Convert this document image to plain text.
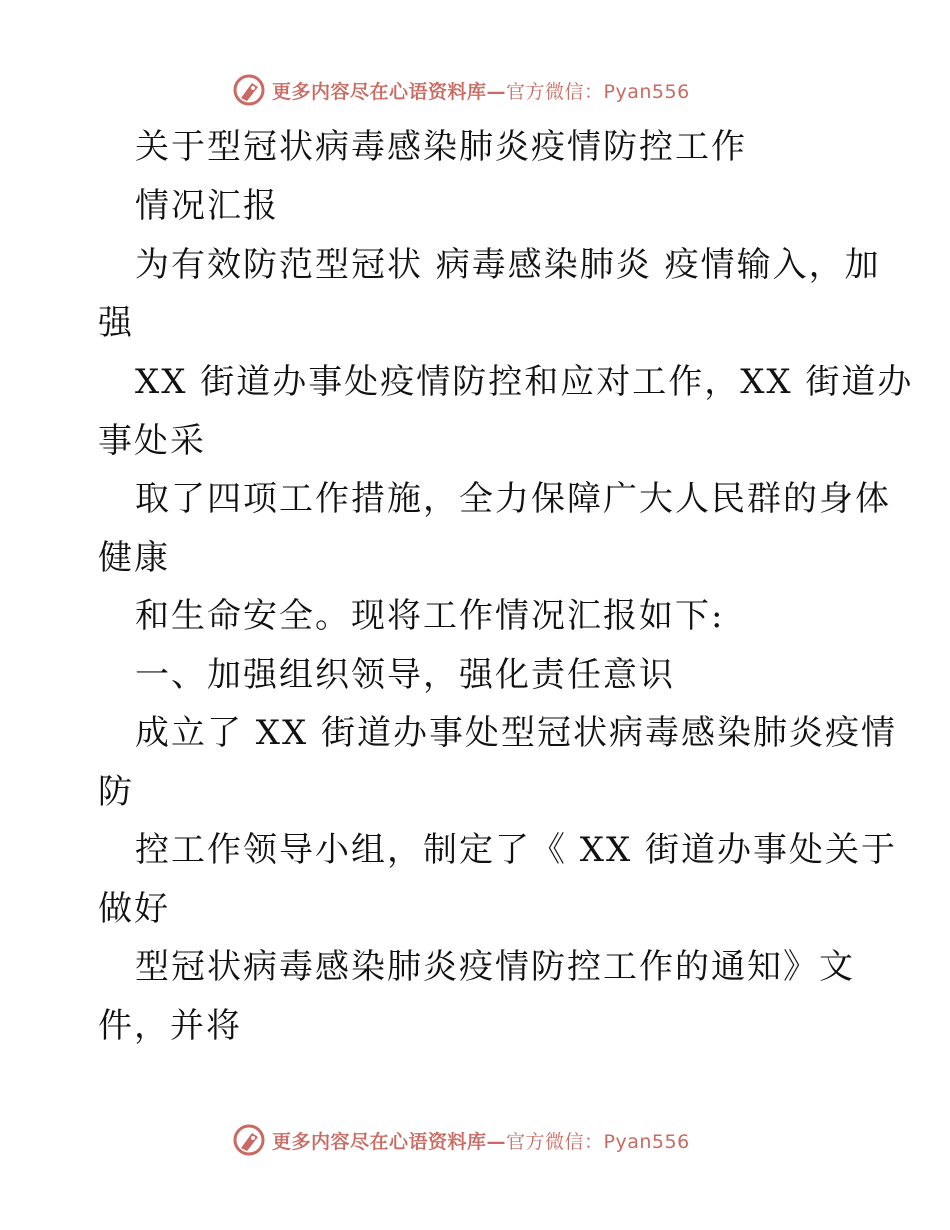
更多内容尽在心语资料库—官方微信：Pyan556
关于型冠状病毒感染肺炎疫情防控工作
情况汇报
为有效防范型冠状 病毒感染肺炎 疫情输入，加
强
XX 街道办事处疫情防控和应对工作，XX 街道办
事处采
取了四项工作措施，全力保障广大人民群的身体
健康
和生命安全。现将工作情况汇报如下:
一、加强组织领导，强化责任意识
成立了 XX 街道办事处型冠状病毒感染肺炎疫情
防
控工作领导小组，制定了《 XX 街道办事处关于
做好
型冠状病毒感染肺炎疫情防控工作的通知》文
件，并将
更多内容尽在心语资料库—官方微信：Pyan556
